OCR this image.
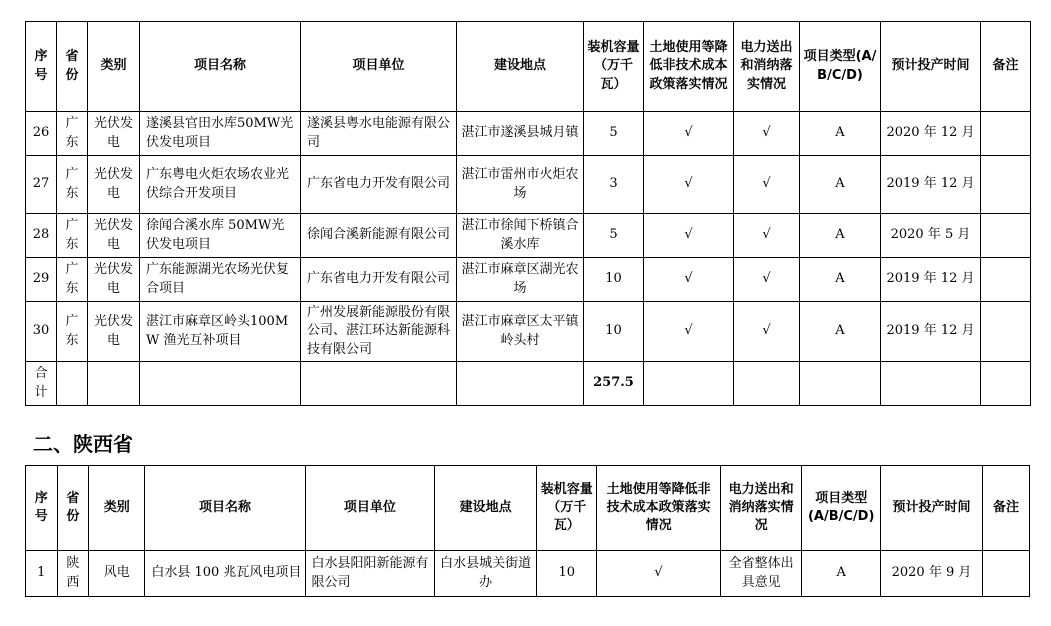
序号	省份	类别	项目名称	项目单位	建设地点	装机容量（万千瓦）	土地使用等降低非技术成本政策落实情况	电力送出和消纳落实情况	项目类型(A/B/C/D)	预计投产时间	备注
26	广东	光伏发电	遂溪县官田水库50MW光伏发电项目	遂溪县粤水电能源有限公司	湛江市遂溪县城月镇	5	√	√	A	2020 年 12 月	
27	广东	光伏发电	广东粤电火炬农场农业光伏综合开发项目	广东省电力开发有限公司	湛江市雷州市火炬农场	3	√	√	A	2019 年 12 月	
28	广东	光伏发电	徐闻合溪水库 50MW光伏发电项目	徐闻合溪新能源有限公司	湛江市徐闻下桥镇合溪水库	5	√	√	A	2020 年 5 月	
29	广东	光伏发电	广东能源湖光农场光伏复合项目	广东省电力开发有限公司	湛江市麻章区湖光农场	10	√	√	A	2019 年 12 月	
30	广东	光伏发电	湛江市麻章区岭头100MW 渔光互补项目	广州发展新能源股份有限公司、湛江环达新能源科技有限公司	湛江市麻章区太平镇岭头村	10	√	√	A	2019 年 12 月	
合计						257.5					
二、陕西省
序号	省份	类别	项目名称	项目单位	建设地点	装机容量（万千瓦）	土地使用等降低非技术成本政策落实情况	电力送出和消纳落实情况	项目类型(A/B/C/D)	预计投产时间	备注
1	陕西	风电	白水县 100 兆瓦风电项目	白水县阳阳新能源有限公司	白水县城关街道办	10	√	全省整体出具意见	A	2020 年 9 月	
